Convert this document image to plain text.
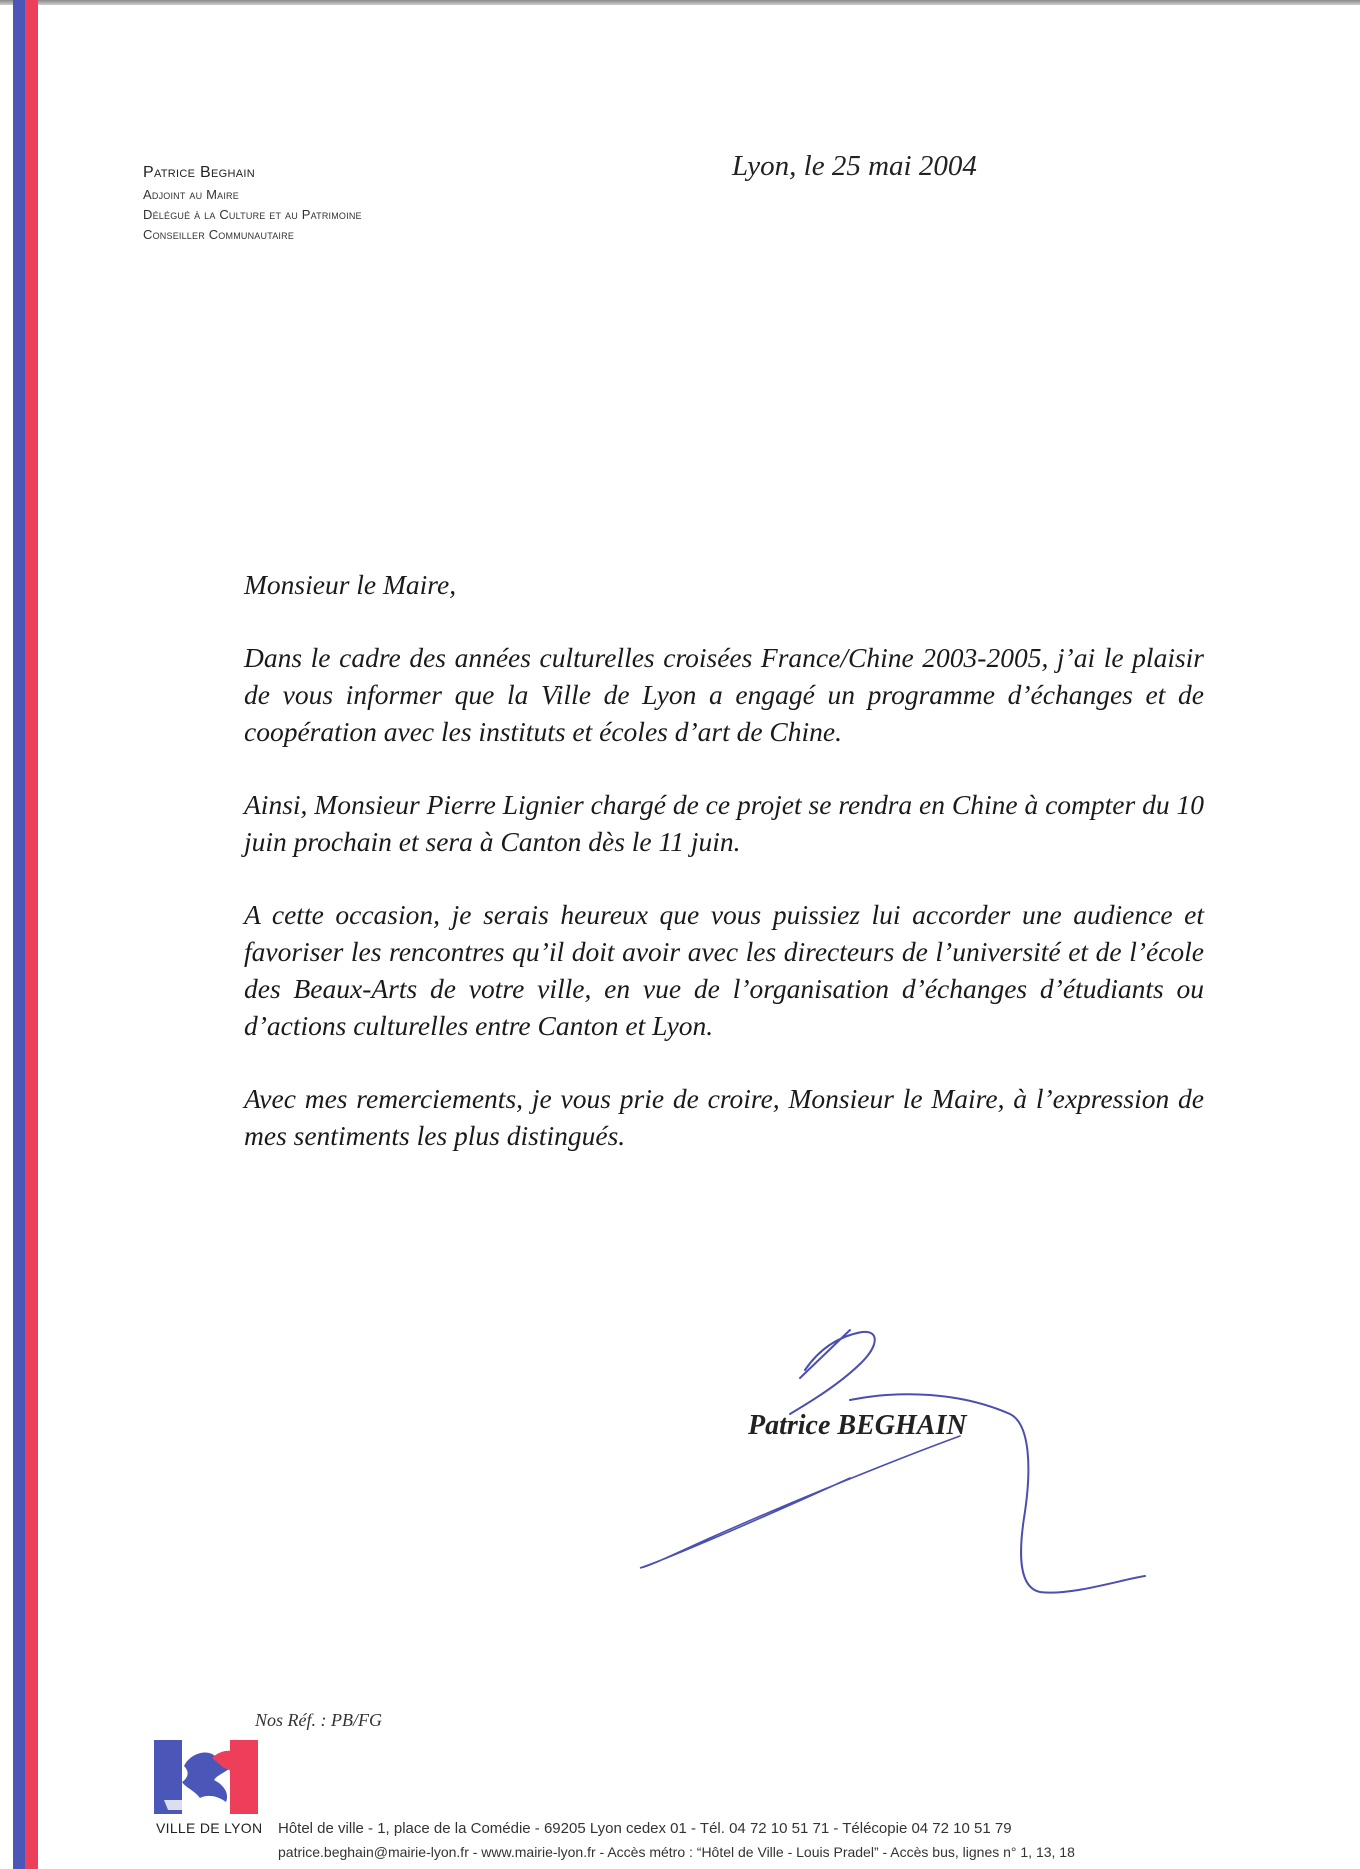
Patrice Beghain
Adjoint au Maire
Délégué à la Culture et au Patrimoine
Conseiller Communautaire
Lyon, le 25 mai 2004

Monsieur le Maire,

Dans le cadre des années culturelles croisées France/Chine 2003-2005, j’ai le plaisir de vous informer que la Ville de Lyon a engagé un programme d’échanges et de coopération avec les instituts et écoles d’art de Chine.

Ainsi, Monsieur Pierre Lignier chargé de ce projet se rendra en Chine à compter du 10 juin prochain et sera à Canton dès le 11 juin.

A cette occasion, je serais heureux que vous puissiez lui accorder une audience et favoriser les rencontres qu’il doit avoir avec les directeurs de l’université et de l’école des Beaux-Arts de votre ville, en vue de l’organisation d’échanges d’étudiants ou d’actions culturelles entre Canton et Lyon.

Avec mes remerciements, je vous prie de croire, Monsieur le Maire, à l’expression de mes sentiments les plus distingués.

Patrice BEGHAIN
Nos Réf. : PB/FG
VILLE DE LYON Hôtel de ville - 1, place de la Comédie - 69205 Lyon cedex 01 - Tél. 04 72 10 51 71 - Télécopie 04 72 10 51 79
patrice.beghain@mairie-lyon.fr - www.mairie-lyon.fr - Accès métro : “Hôtel de Ville - Louis Pradel” - Accès bus, lignes n° 1, 13, 18
